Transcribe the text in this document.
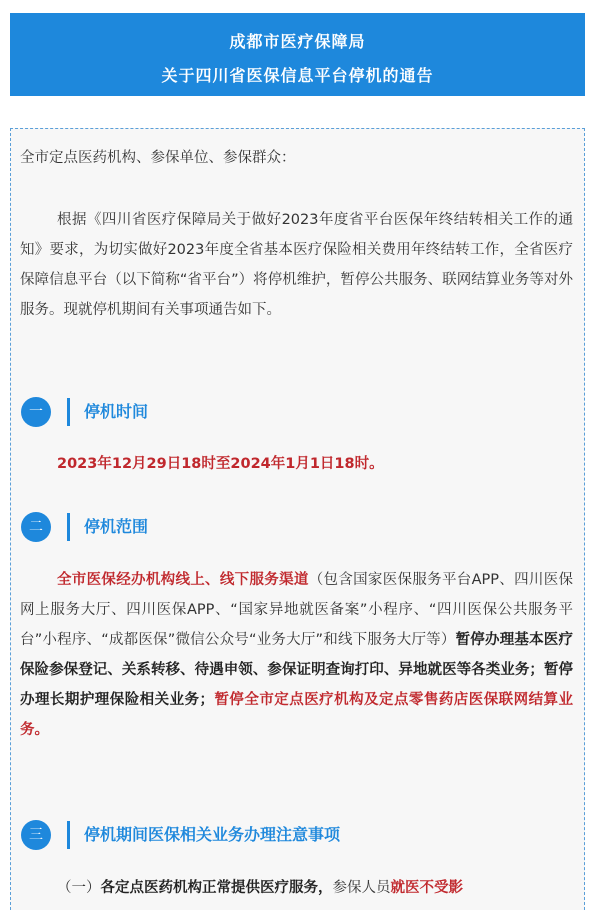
成都市医疗保障局
关于四川省医保信息平台停机的通告

全市定点医药机构、参保单位、参保群众：

根据《四川省医疗保障局关于做好2023年度省平台医保年终结转相关工作的通知》要求，为切实做好2023年度全省基本医疗保险相关费用年终结转工作，全省医疗保障信息平台（以下简称“省平台”）将停机维护，暂停公共服务、联网结算业务等对外服务。现就停机期间有关事项通告如下。

一	停机时间

2023年12月29日18时至2024年1月1日18时。

二	停机范围

全市医保经办机构线上、线下服务渠道（包含国家医保服务平台APP、四川医保网上服务大厅、四川医保APP、“国家异地就医备案”小程序、“四川医保公共服务平台”小程序、“成都医保”微信公众号“业务大厅”和线下服务大厅等）暂停办理基本医疗保险参保登记、关系转移、待遇申领、参保证明查询打印、异地就医等各类业务；暂停办理长期护理保险相关业务；暂停全市定点医疗机构及定点零售药店医保联网结算业务。

三	停机期间医保相关业务办理注意事项

（一）各定点医药机构正常提供医疗服务，参保人员就医不受影
